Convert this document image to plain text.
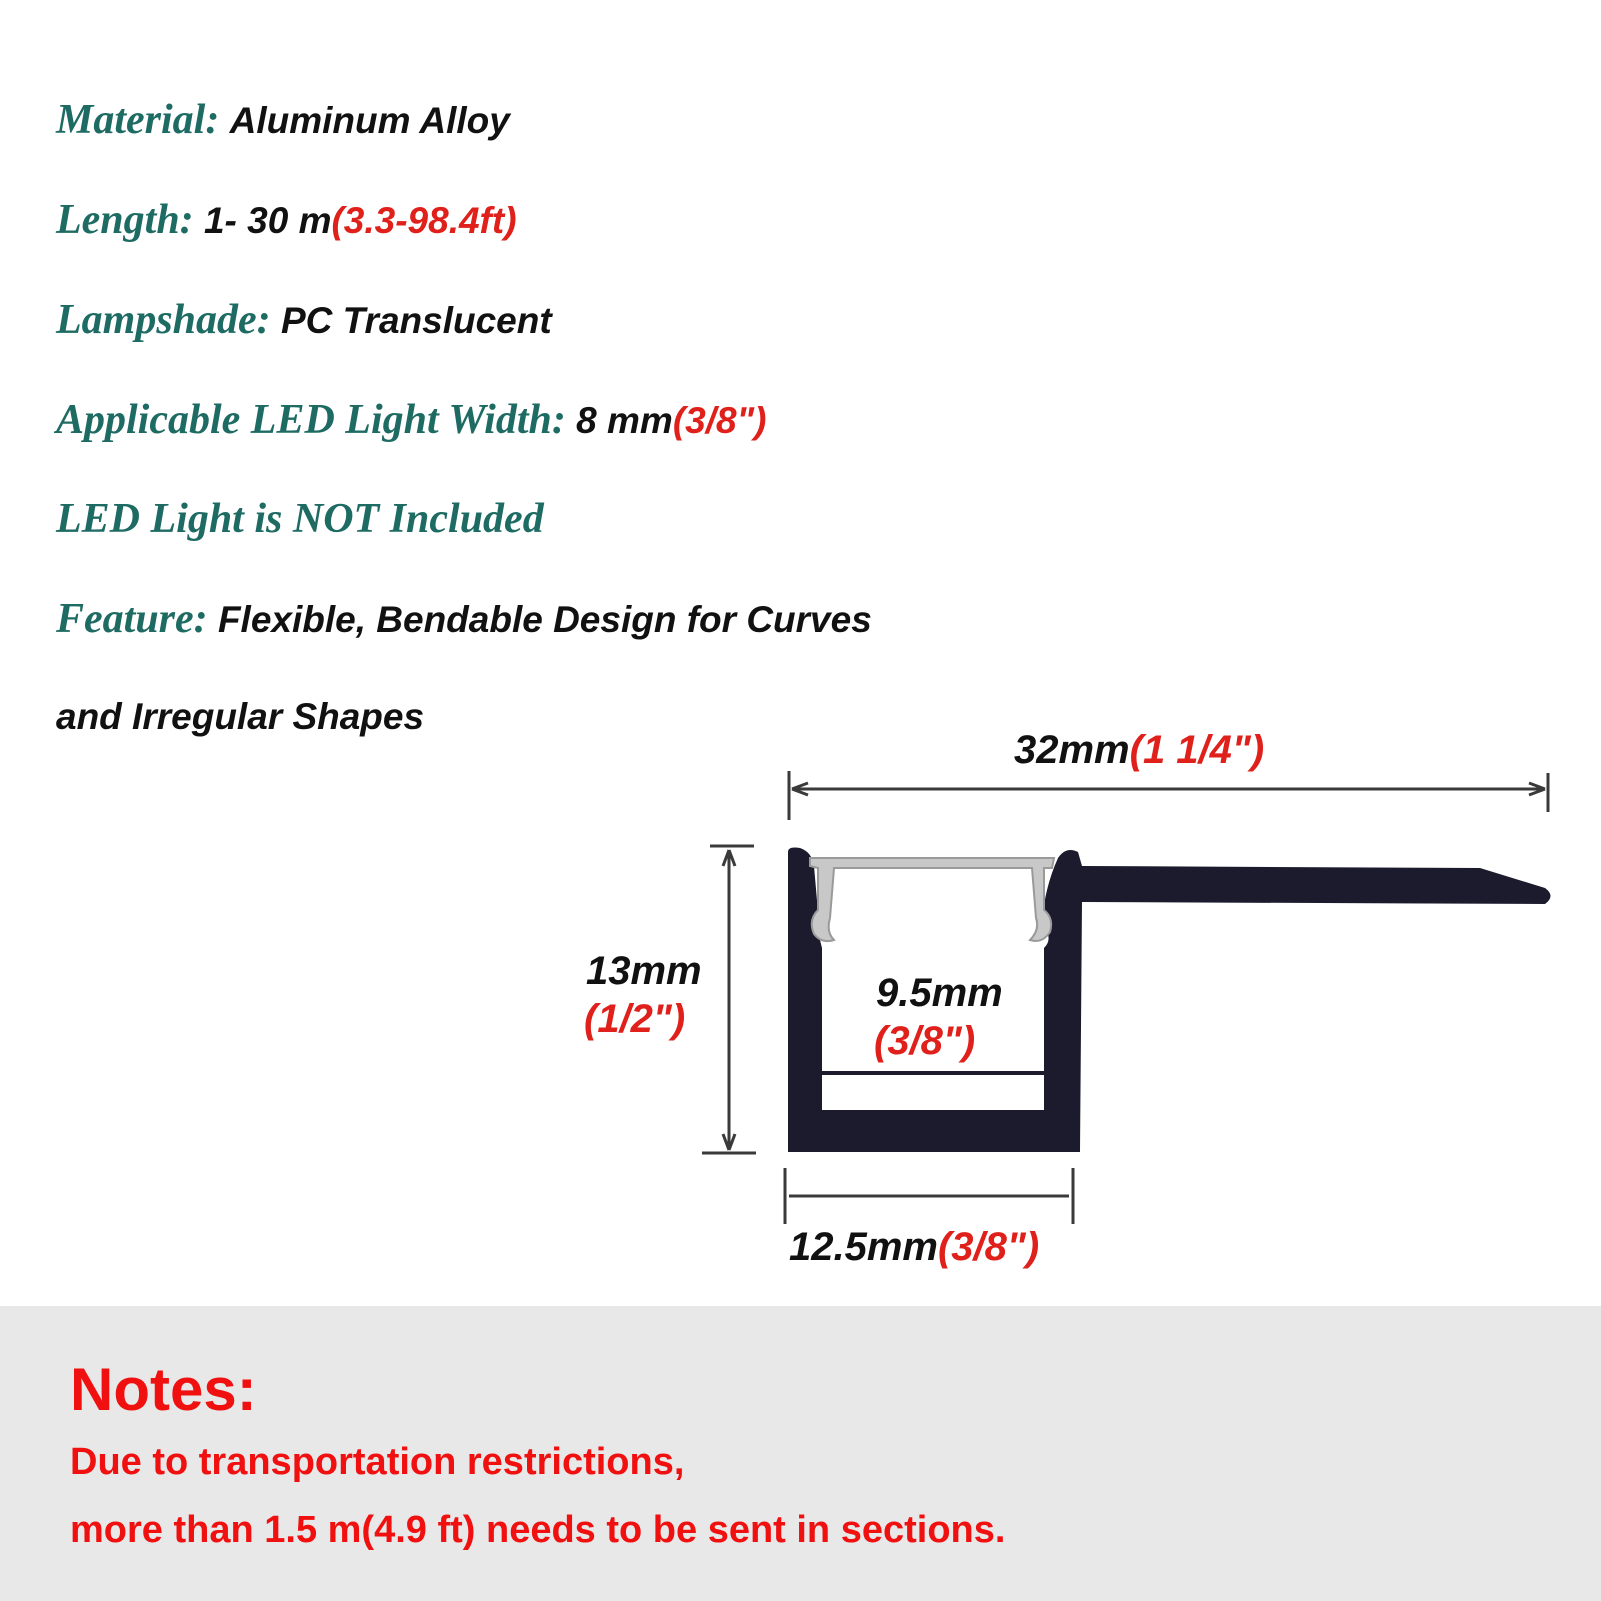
Material: Aluminum Alloy

Length: 1- 30 m(3.3-98.4ft)

Lampshade: PC Translucent

Applicable LED Light Width: 8 mm(3/8")

LED Light is NOT Included

Feature: Flexible, Bendable Design for Curves

and Irregular Shapes

32mm(1 1/4")
13mm
(1/2")
9.5mm
(3/8")
12.5mm(3/8")

Notes:

Due to transportation restrictions,

more than 1.5 m(4.9 ft) needs to be sent in sections.
